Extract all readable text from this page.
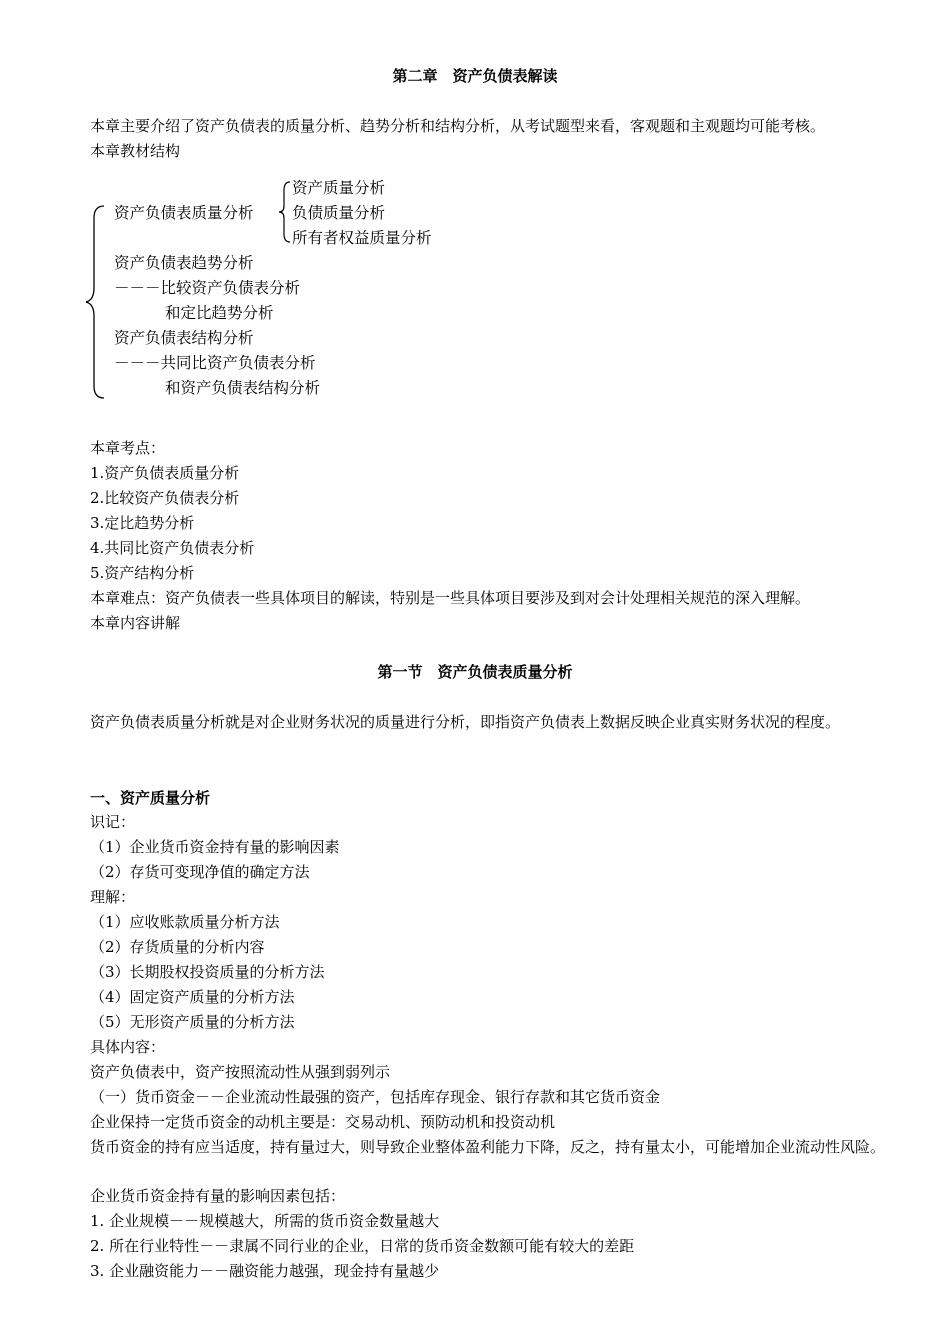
第二章　资产负债表解读
本章主要介绍了资产负债表的质量分析、趋势分析和结构分析，从考试题型来看，客观题和主观题均可能考核。
本章教材结构
资产负债表质量分析
资产质量分析
负债质量分析
所有者权益质量分析
资产负债表趋势分析
－－－比较资产负债表分析
和定比趋势分析
资产负债表结构分析
－－－共同比资产负债表分析
和资产负债表结构分析
本章考点：
1.资产负债表质量分析
2.比较资产负债表分析
3.定比趋势分析
4.共同比资产负债表分析
5.资产结构分析
本章难点：资产负债表一些具体项目的解读，特别是一些具体项目要涉及到对会计处理相关规范的深入理解。
本章内容讲解
第一节　资产负债表质量分析
资产负债表质量分析就是对企业财务状况的质量进行分析，即指资产负债表上数据反映企业真实财务状况的程度。
一、资产质量分析
识记：
（1）企业货币资金持有量的影响因素
（2）存货可变现净值的确定方法
理解：
（1）应收账款质量分析方法
（2）存货质量的分析内容
（3）长期股权投资质量的分析方法
（4）固定资产质量的分析方法
（5）无形资产质量的分析方法
具体内容：
资产负债表中，资产按照流动性从强到弱列示
（一）货币资金－－企业流动性最强的资产，包括库存现金、银行存款和其它货币资金
企业保持一定货币资金的动机主要是：交易动机、预防动机和投资动机
货币资金的持有应当适度，持有量过大，则导致企业整体盈利能力下降，反之，持有量太小，可能增加企业流动性风险。
企业货币资金持有量的影响因素包括：
1. 企业规模－－规模越大，所需的货币资金数量越大
2. 所在行业特性－－隶属不同行业的企业，日常的货币资金数额可能有较大的差距
3. 企业融资能力－－融资能力越强，现金持有量越少
